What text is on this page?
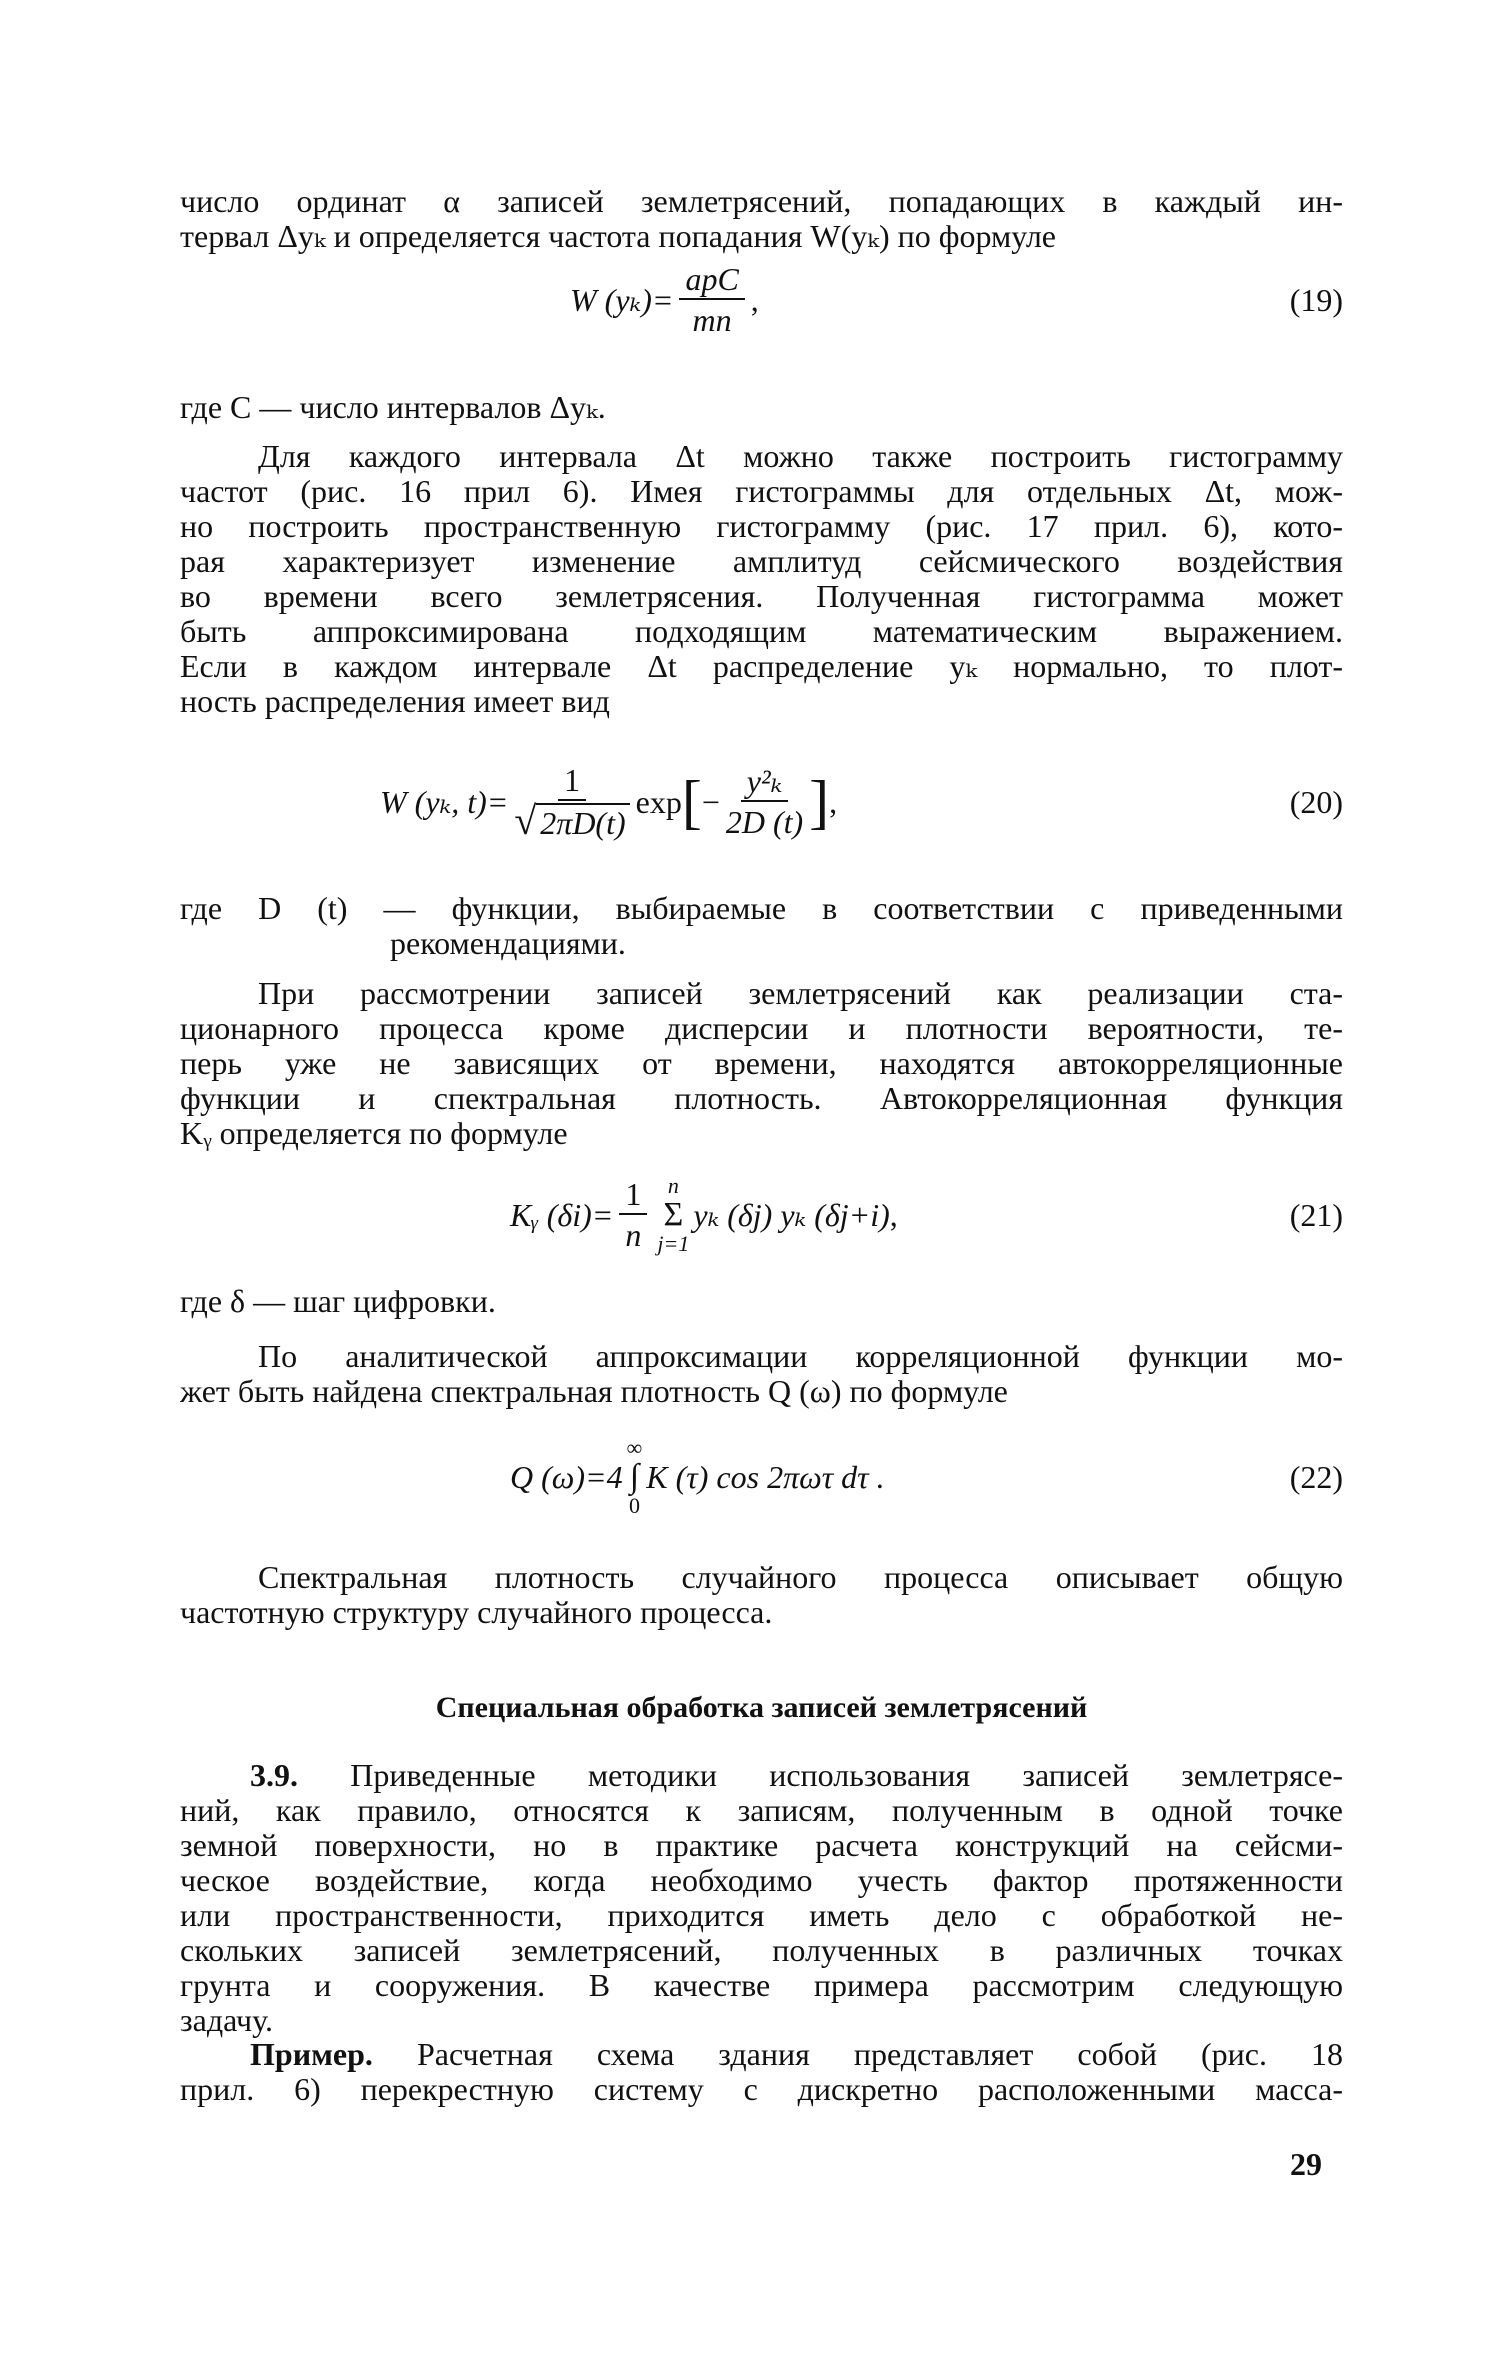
число ординат α записей землетрясений, попадающих в каждый ин-
тервал Δyₖ и определяется частота попадания W(yₖ) по формуле
W $(y_k)= \frac{\text{apC}}{mn}$ ,	(19)
где C — число интервалов Δyₖ.
Для каждого интервала Δt можно также построить гистограмму
частот (рис. 16 прил 6). Имея гистограммы для отдельных Δt, мож-
но построить пространственную гистограмму (рис. 17 прил. 6), кото-
рая характеризует изменение амплитуд сейсмического воздействия
во времени всего землетрясения. Полученная гистограмма может
быть аппроксимирована подходящим математическим выражением.
Если в каждом интервале Δt распределение yₖ нормально, то плот-
ность распределения имеет вид
W (yₖ, $t)= \frac{1}{√ 2\pi D(t)}$ exp [ − $\frac{\text{y²ₖ}}{2D (t)}$ ] ,	(20)
где D (t) — функции, выбираемые в соответствии с приведенными
рекомендациями.
При рассмотрении записей землетрясений как реализации ста-
ционарного процесса кроме дисперсии и плотности вероятности, те-
перь уже не зависящих от времени, находятся автокорреляционные
функции и спектральная плотность. Автокорреляционная функция
Kᵧ определяется по формуле
Kᵧ $(\delta i)= \frac{1}{n}$ n
Σ
j=1
yₖ (δj) yₖ (δj+i) ,	(21)
где δ — шаг цифровки.
По аналитической аппроксимации корреляционной функции мо-
жет быть найдена спектральная плотность Q (ω) по формуле
Q (ω)=4
∞
∫
0
K (τ) cos 2πωτ dτ .	(22)
Спектральная плотность случайного процесса описывает общую
частотную структуру случайного процесса.
Специальная обработка записей землетрясений
3.9. Приведенные методики использования записей землетрясе-
ний, как правило, относятся к записям, полученным в одной точке
земной поверхности, но в практике расчета конструкций на сейсми-
ческое воздействие, когда необходимо учесть фактор протяженности
или пространственности, приходится иметь дело с обработкой не-
скольких записей землетрясений, полученных в различных точках
грунта и сооружения. В качестве примера рассмотрим следующую
задачу.
Пример. Расчетная схема здания представляет собой (рис. 18
прил. 6) перекрестную систему с дискретно расположенными масса-
29
